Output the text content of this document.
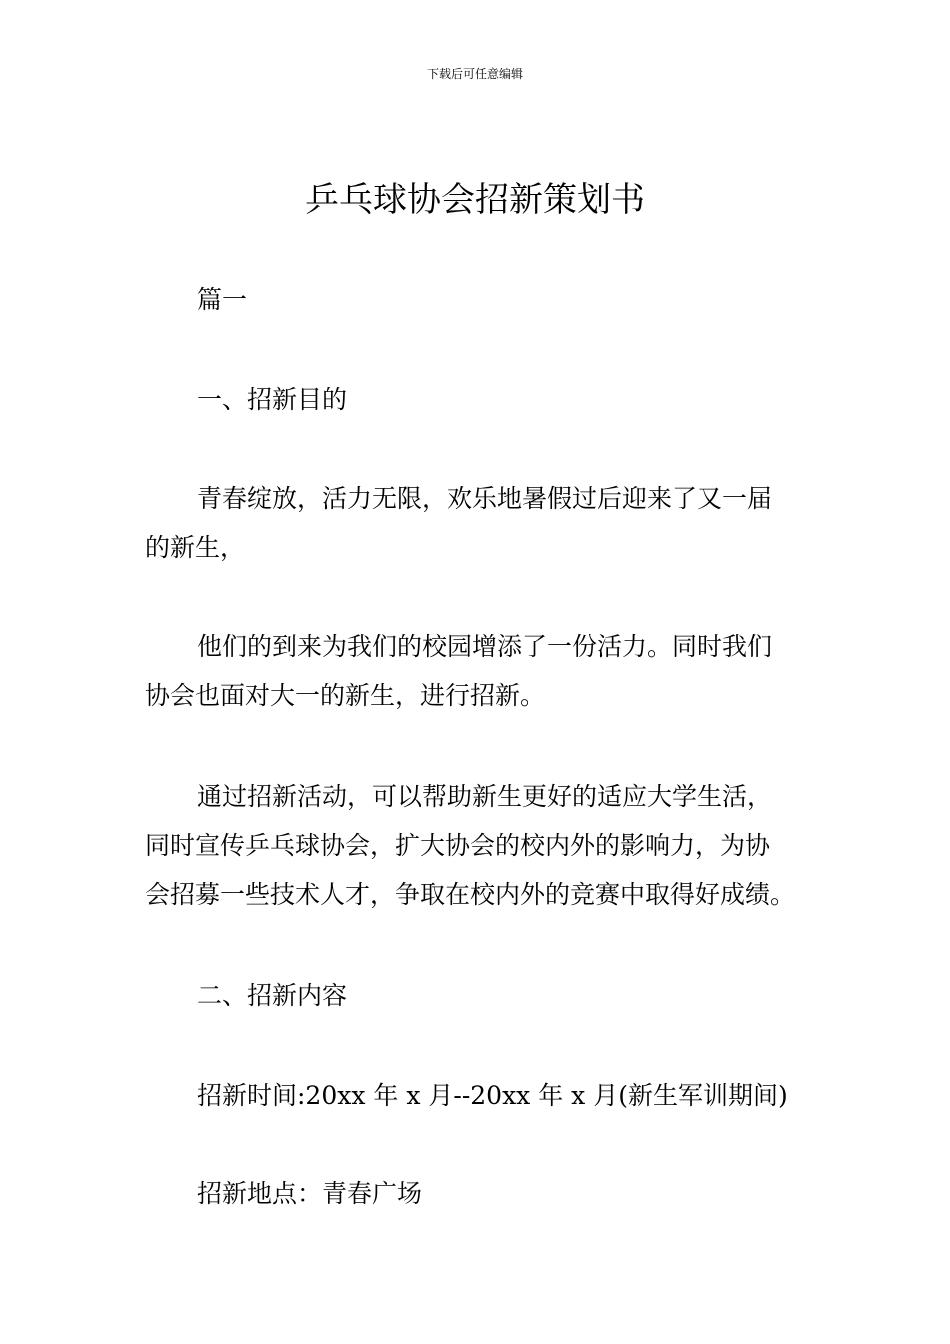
下载后可任意编辑
乒乓球协会招新策划书

篇一

一、招新目的

青春绽放，活力无限，欢乐地暑假过后迎来了又一届
的新生，
他们的到来为我们的校园增添了一份活力。同时我们
协会也面对大一的新生，进行招新。
通过招新活动，可以帮助新生更好的适应大学生活，
同时宣传乒乓球协会，扩大协会的校内外的影响力，为协
会招募一些技术人才，争取在校内外的竞赛中取得好成绩。

二、招新内容

招新时间:20xx 年 x 月--20xx 年 x 月(新生军训期间)

招新地点：青春广场
